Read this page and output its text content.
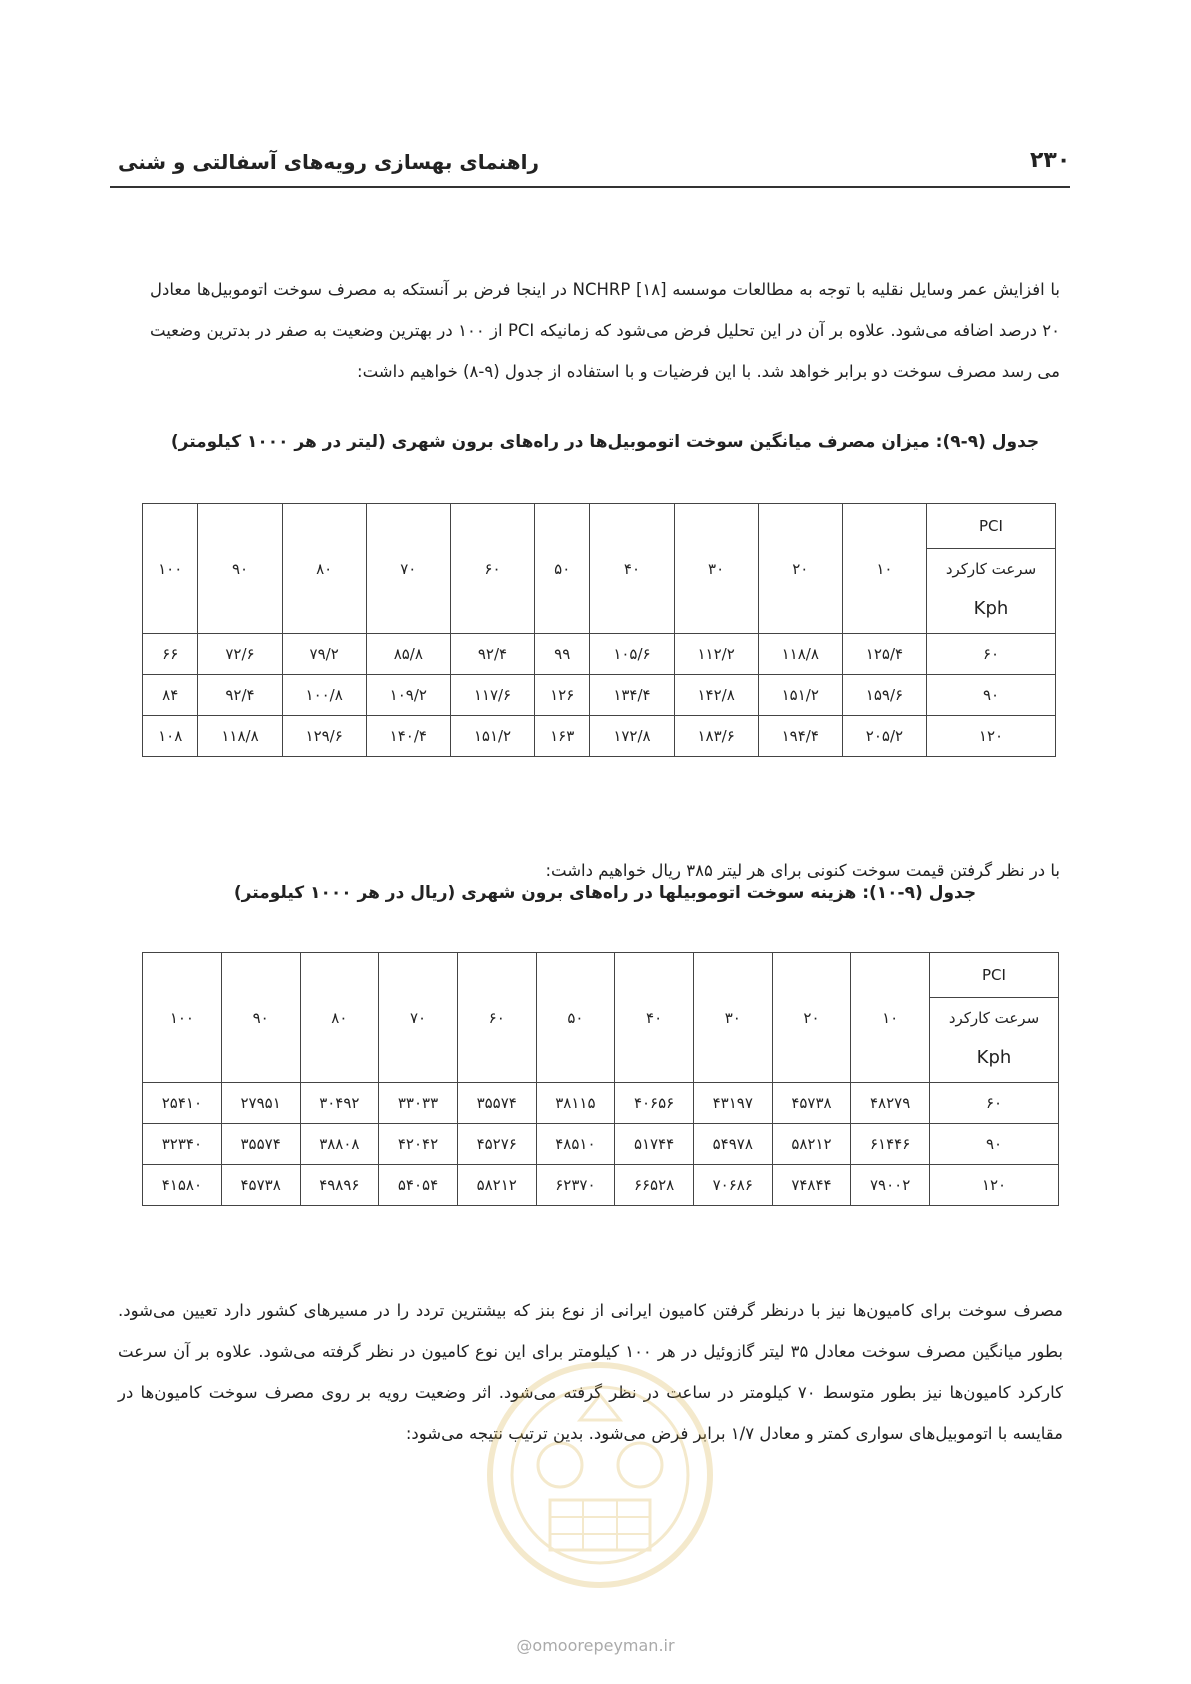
۲۳۰
راهنمای بهسازی رویه‌های آسفالتی و شنی

با افزایش عمر وسایل نقلیه با توجه به مطالعات موسسه NCHRP [۱۸] در اینجا فرض بر آنستکه به مصرف سوخت اتوموبیل‌ها معادل ۲۰ درصد اضافه می‌شود. علاوه بر آن در این تحلیل فرض می‌شود که زمانیکه PCI از ۱۰۰ در بهترین وضعیت به صفر در بدترین وضعیت می رسد مصرف سوخت دو برابر خواهد شد. با این فرضیات و با استفاده از جدول (۹-۸) خواهیم داشت:

جدول (۹-۹): میزان مصرف میانگین سوخت اتوموبیل‌ها در راه‌های برون شهری (لیتر در هر ۱۰۰۰ کیلومتر)
PCI
سرعت کارکرد
Kph	۱۰	۲۰	۳۰	۴۰	۵۰	۶۰	۷۰	۸۰	۹۰	۱۰۰
۶۰	۱۲۵/۴	۱۱۸/۸	۱۱۲/۲	۱۰۵/۶	۹۹	۹۲/۴	۸۵/۸	۷۹/۲	۷۲/۶	۶۶
۹۰	۱۵۹/۶	۱۵۱/۲	۱۴۲/۸	۱۳۴/۴	۱۲۶	۱۱۷/۶	۱۰۹/۲	۱۰۰/۸	۹۲/۴	۸۴
۱۲۰	۲۰۵/۲	۱۹۴/۴	۱۸۳/۶	۱۷۲/۸	۱۶۳	۱۵۱/۲	۱۴۰/۴	۱۲۹/۶	۱۱۸/۸	۱۰۸

با در نظر گرفتن قیمت سوخت کنونی برای هر لیتر ۳۸۵ ریال خواهیم داشت:

جدول (۹-۱۰): هزینه سوخت اتوموبیلها در راه‌های برون شهری (ریال در هر ۱۰۰۰ کیلومتر)
PCI
سرعت کارکرد
Kph	۱۰	۲۰	۳۰	۴۰	۵۰	۶۰	۷۰	۸۰	۹۰	۱۰۰
۶۰	۴۸۲۷۹	۴۵۷۳۸	۴۳۱۹۷	۴۰۶۵۶	۳۸۱۱۵	۳۵۵۷۴	۳۳۰۳۳	۳۰۴۹۲	۲۷۹۵۱	۲۵۴۱۰
۹۰	۶۱۴۴۶	۵۸۲۱۲	۵۴۹۷۸	۵۱۷۴۴	۴۸۵۱۰	۴۵۲۷۶	۴۲۰۴۲	۳۸۸۰۸	۳۵۵۷۴	۳۲۳۴۰
۱۲۰	۷۹۰۰۲	۷۴۸۴۴	۷۰۶۸۶	۶۶۵۲۸	۶۲۳۷۰	۵۸۲۱۲	۵۴۰۵۴	۴۹۸۹۶	۴۵۷۳۸	۴۱۵۸۰

مصرف سوخت برای کامیون‌ها نیز با درنظر گرفتن کامیون ایرانی از نوع بنز که بیشترین تردد را در مسیرهای کشور دارد تعیین می‌شود. بطور میانگین مصرف سوخت معادل ۳۵ لیتر گازوئیل در هر ۱۰۰ کیلومتر برای این نوع کامیون در نظر گرفته می‌شود. علاوه بر آن سرعت کارکرد کامیون‌ها نیز بطور متوسط ۷۰ کیلومتر در ساعت در نظر گرفته می‌شود. اثر وضعیت رویه بر روی مصرف سوخت کامیون‌ها در مقایسه با اتوموبیل‌های سواری کمتر و معادل ۱/۷ برابر فرض می‌شود. بدین ترتیب نتیجه می‌شود:

@omoorepeyman.ir
